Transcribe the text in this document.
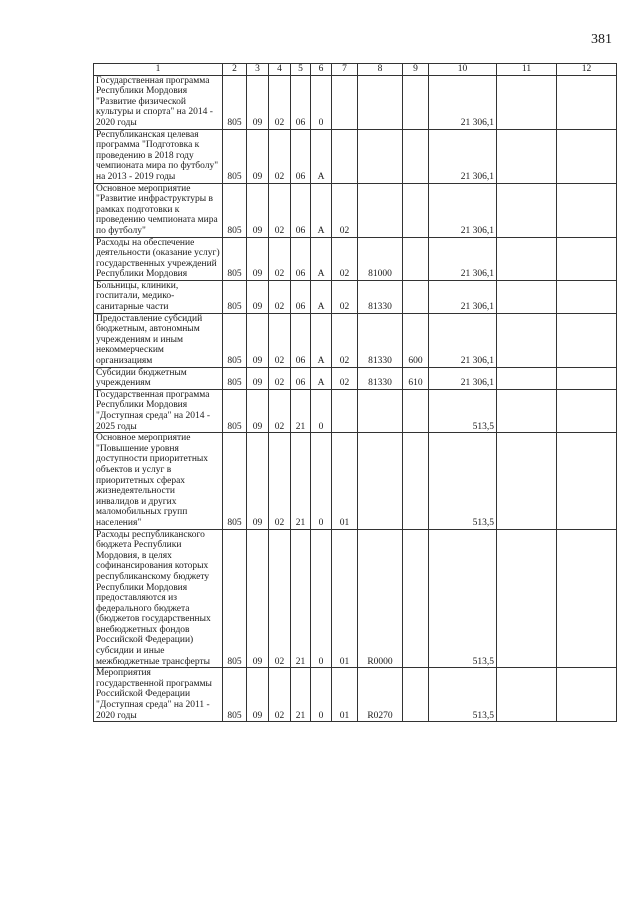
381
1	2	3	4	5	6	7	8	9	10	11	12
Государственная программа Республики Мордовия "Развитие физической культуры и спорта" на 2014 - 2020 годы	805	09	02	06	0				21 306,1		
Республиканская целевая программа "Подготовка к проведению в 2018 году чемпионата мира по футболу" на 2013 - 2019 годы	805	09	02	06	А				21 306,1		
Основное мероприятие "Развитие инфраструктуры в рамках подготовки к проведению чемпионата мира по футболу"	805	09	02	06	А	02			21 306,1		
Расходы на обеспечение деятельности (оказание услуг) государственных учреждений Республики Мордовия	805	09	02	06	А	02	81000		21 306,1		
Больницы, клиники, госпитали, медико-санитарные части	805	09	02	06	А	02	81330		21 306,1		
Предоставление субсидий бюджетным, автономным учреждениям и иным некоммерческим организациям	805	09	02	06	А	02	81330	600	21 306,1		
Субсидии бюджетным учреждениям	805	09	02	06	А	02	81330	610	21 306,1		
Государственная программа Республики Мордовия "Доступная среда" на 2014 - 2025 годы	805	09	02	21	0				513,5		
Основное мероприятие "Повышение уровня доступности приоритетных объектов и услуг в приоритетных сферах жизнедеятельности инвалидов и других маломобильных групп населения"	805	09	02	21	0	01			513,5		
Расходы республиканского бюджета Республики Мордовия, в целях софинансирования которых республиканскому бюджету Республики Мордовия предоставляются из федерального бюджета (бюджетов государственных внебюджетных фондов Российской Федерации) субсидии и иные межбюджетные трансферты	805	09	02	21	0	01	R0000		513,5		
Мероприятия государственной программы Российской Федерации "Доступная среда" на 2011 - 2020 годы	805	09	02	21	0	01	R0270		513,5		
